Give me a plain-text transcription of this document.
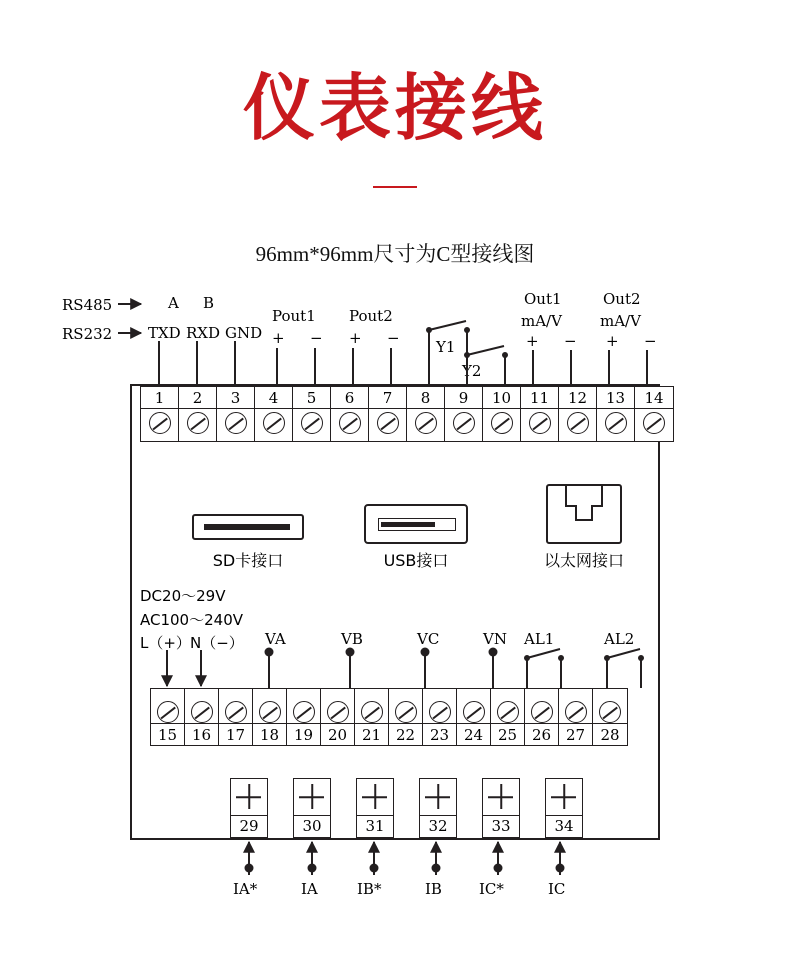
仪表接线
96mm*96mm尺寸为C型接线图
RS485
RS232
A B
TXD RXD GND
Pout1
+ −
Pout2
+ − Y1
Y2
Out1
mA/V
+ −
Out2
mA/V
+ −
1	2	3	4	5	6	7	8	9	10	11	12	13	14
SD卡接口	USB接口	以太网接口
DC20～29V
AC100～240V
L（+） N（−） VA	VB	VC	VN AL1	AL2
15 16 17 18 19 20 21 22 23 24 25 26 27	28
29	30	31	32	33	34
IA*	IA	IB*	IB IC*	IC
